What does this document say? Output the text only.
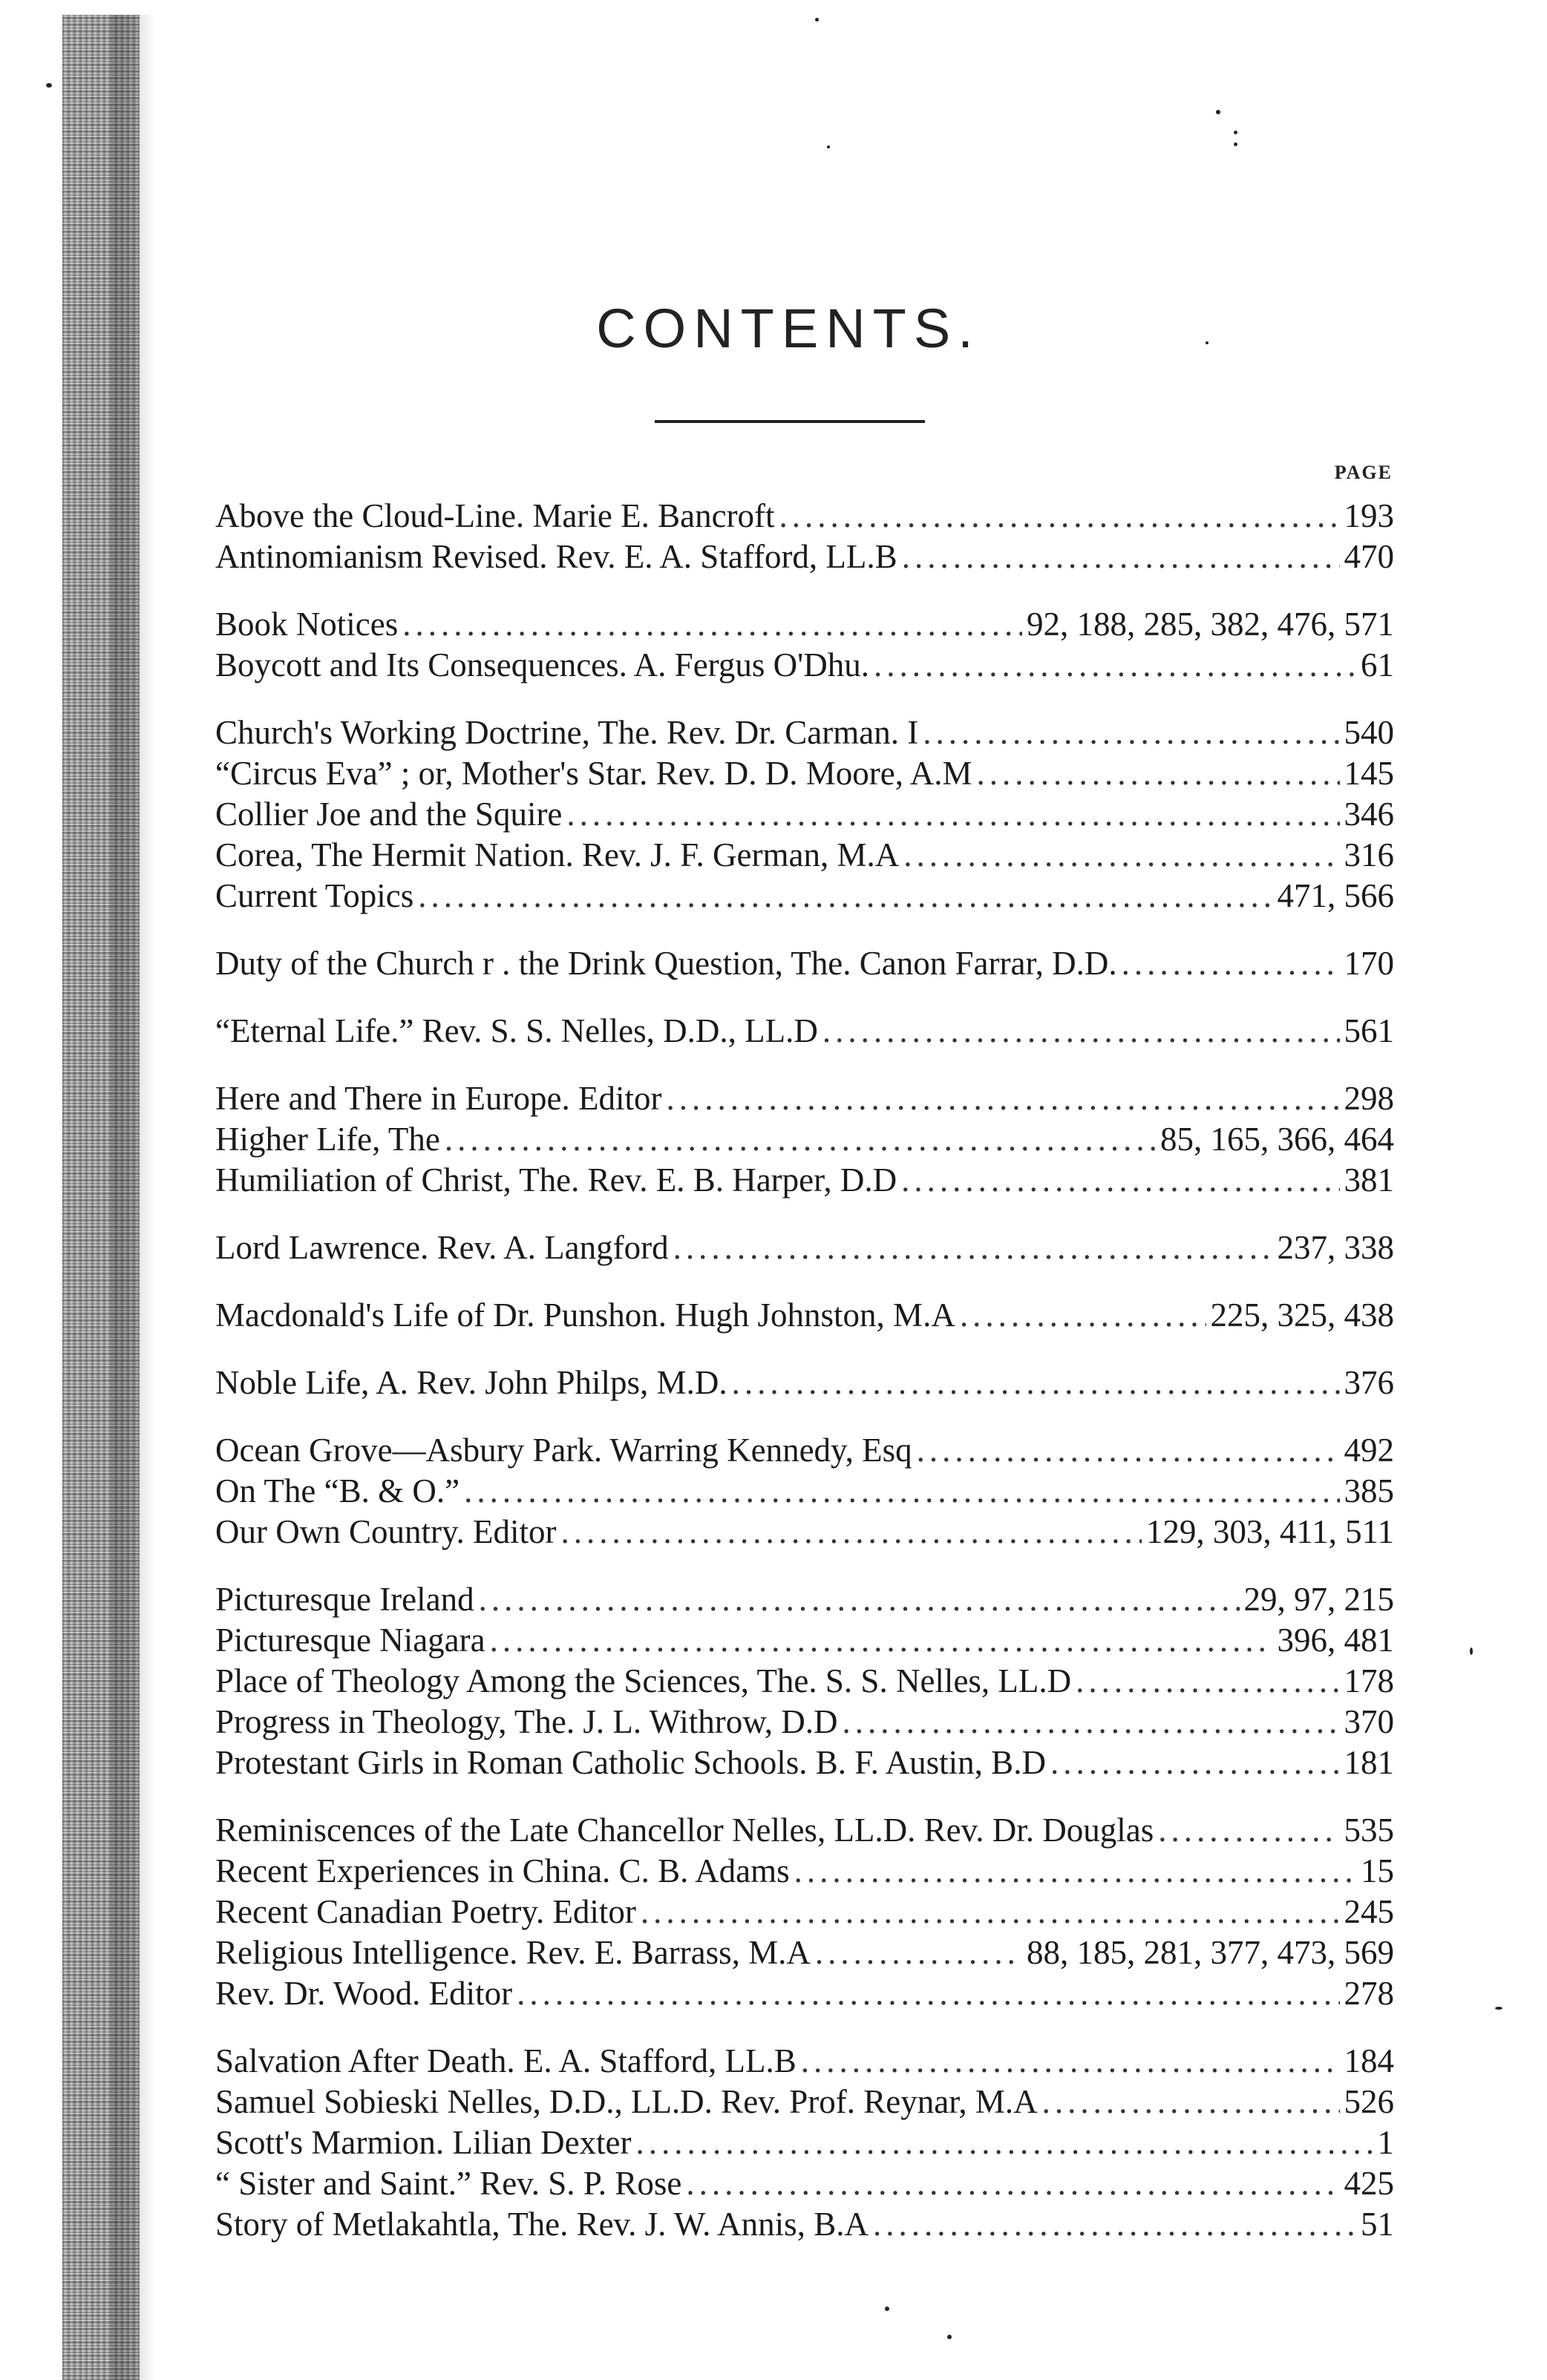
CONTENTS.
PAGE
Above the Cloud-Line. Marie E. Bancroft .....	193
Antinomianism Revised. Rev. E. A. Stafford, LL.B .....	470
Book Notices .....	92, 188, 285, 382, 476, 571
Boycott and Its Consequences. A. Fergus O'Dhu. .....	61
Church's Working Doctrine, The. Rev. Dr. Carman. I .....	540
“Circus Eva” ; or, Mother's Star. Rev. D. D. Moore, A.M .....	145
Collier Joe and the Squire .....	346
Corea, The Hermit Nation. Rev. J. F. German, M.A .....	316
Current Topics .....	471, 566
Duty of the Church r . the Drink Question, The. Canon Farrar, D.D. .....	170
“Eternal Life.” Rev. S. S. Nelles, D.D., LL.D .....	561
Here and There in Europe. Editor .....	298
Higher Life, The .....	85, 165, 366, 464
Humiliation of Christ, The. Rev. E. B. Harper, D.D .....	381
Lord Lawrence. Rev. A. Langford .....	237, 338
Macdonald's Life of Dr. Punshon. Hugh Johnston, M.A .....	225, 325, 438
Noble Life, A. Rev. John Philps, M.D. .....	376
Ocean Grove—Asbury Park. Warring Kennedy, Esq .....	492
On The “B. & O.” .....	385
Our Own Country. Editor .....	129, 303, 411, 511
Picturesque Ireland .....	29, 97, 215
Picturesque Niagara .....	396, 481
Place of Theology Among the Sciences, The. S. S. Nelles, LL.D .....	178
Progress in Theology, The. J. L. Withrow, D.D .....	370
Protestant Girls in Roman Catholic Schools. B. F. Austin, B.D .....	181
Reminiscences of the Late Chancellor Nelles, LL.D. Rev. Dr. Douglas .....	535
Recent Experiences in China. C. B. Adams .....	15
Recent Canadian Poetry. Editor .....	245
Religious Intelligence. Rev. E. Barrass, M.A .....	88, 185, 281, 377, 473, 569
Rev. Dr. Wood. Editor .....	278
Salvation After Death. E. A. Stafford, LL.B .....	184
Samuel Sobieski Nelles, D.D., LL.D. Rev. Prof. Reynar, M.A .....	526
Scott's Marmion. Lilian Dexter .....	1
“ Sister and Saint.” Rev. S. P. Rose .....	425
Story of Metlakahtla, The. Rev. J. W. Annis, B.A .....	51
